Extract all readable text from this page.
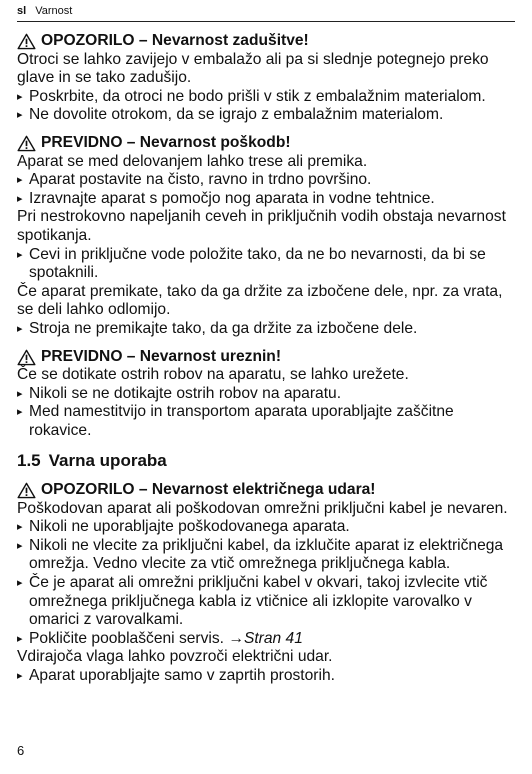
sl Varnost
OPOZORILO – Nevarnost zadušitve!

Otroci se lahko zavijejo v embalažo ali pa si slednje potegnejo preko glave in se tako zadušijo.

▸ Poskrbite, da otroci ne bodo prišli v stik z embalažnim materialom.
▸ Ne dovolite otrokom, da se igrajo z embalažnim materialom.
PREVIDNO – Nevarnost poškodb!

Aparat se med delovanjem lahko trese ali premika.

▸ Aparat postavite na čisto, ravno in trdno površino.
▸ Izravnajte aparat s pomočjo nog aparata in vodne tehtnice.

Pri nestrokovno napeljanih ceveh in priključnih vodih obstaja nevarnost spotikanja.

▸ Cevi in priključne vode položite tako, da ne bo nevarnosti, da bi se spotaknili.

Če aparat premikate, tako da ga držite za izbočene dele, npr. za vrata, se deli lahko odlomijo.

▸ Stroja ne premikajte tako, da ga držite za izbočene dele.
PREVIDNO – Nevarnost ureznin!

Če se dotikate ostrih robov na aparatu, se lahko urežete.

▸ Nikoli se ne dotikajte ostrih robov na aparatu.
▸ Med namestitvijo in transportom aparata uporabljajte zaščitne rokavice.
1.5 Varna uporaba
OPOZORILO – Nevarnost električnega udara!

Poškodovan aparat ali poškodovan omrežni priključni kabel je nevaren.

▸ Nikoli ne uporabljajte poškodovanega aparata.
▸ Nikoli ne vlecite za priključni kabel, da izklučite aparat iz električnega omrežja. Vedno vlecite za vtič omrežnega priključnega kabla.
▸ Če je aparat ali omrežni priključni kabel v okvari, takoj izvlecite vtič omrežnega priključnega kabla iz vtičnice ali izklopite varovalko v omarici z varovalkami.
▸ Pokličite pooblaščeni servis. →Stran 41

Vdirajoča vlaga lahko povzroči električni udar.

▸ Aparat uporabljajte samo v zaprtih prostorih.
6
